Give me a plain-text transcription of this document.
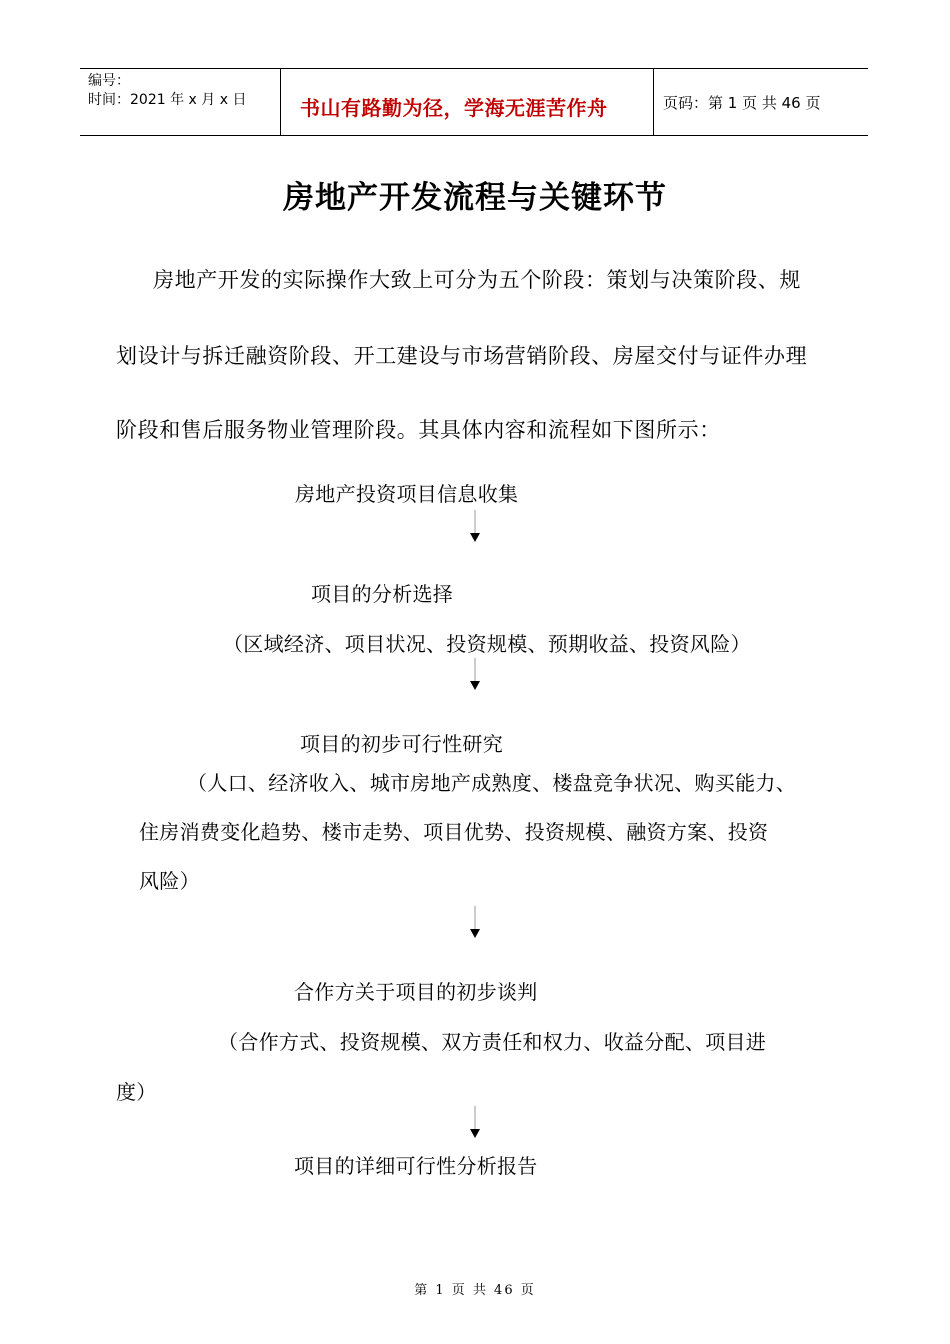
编号：
时间：2021 年 x 月 x 日	书山有路勤为径，学海无涯苦作舟	页码：第 1 页 共 46 页
房地产开发流程与关键环节
房地产开发的实际操作大致上可分为五个阶段：策划与决策阶段、规
划设计与拆迁融资阶段、开工建设与市场营销阶段、房屋交付与证件办理
阶段和售后服务物业管理阶段。其具体内容和流程如下图所示：
房地产投资项目信息收集
项目的分析选择
（区域经济、项目状况、投资规模、预期收益、投资风险）
项目的初步可行性研究
（人口、经济收入、城市房地产成熟度、楼盘竞争状况、购买能力、
住房消费变化趋势、楼市走势、项目优势、投资规模、融资方案、投资
风险）
合作方关于项目的初步谈判
（合作方式、投资规模、双方责任和权力、收益分配、项目进
度）
项目的详细可行性分析报告
第 1 页 共 46 页
